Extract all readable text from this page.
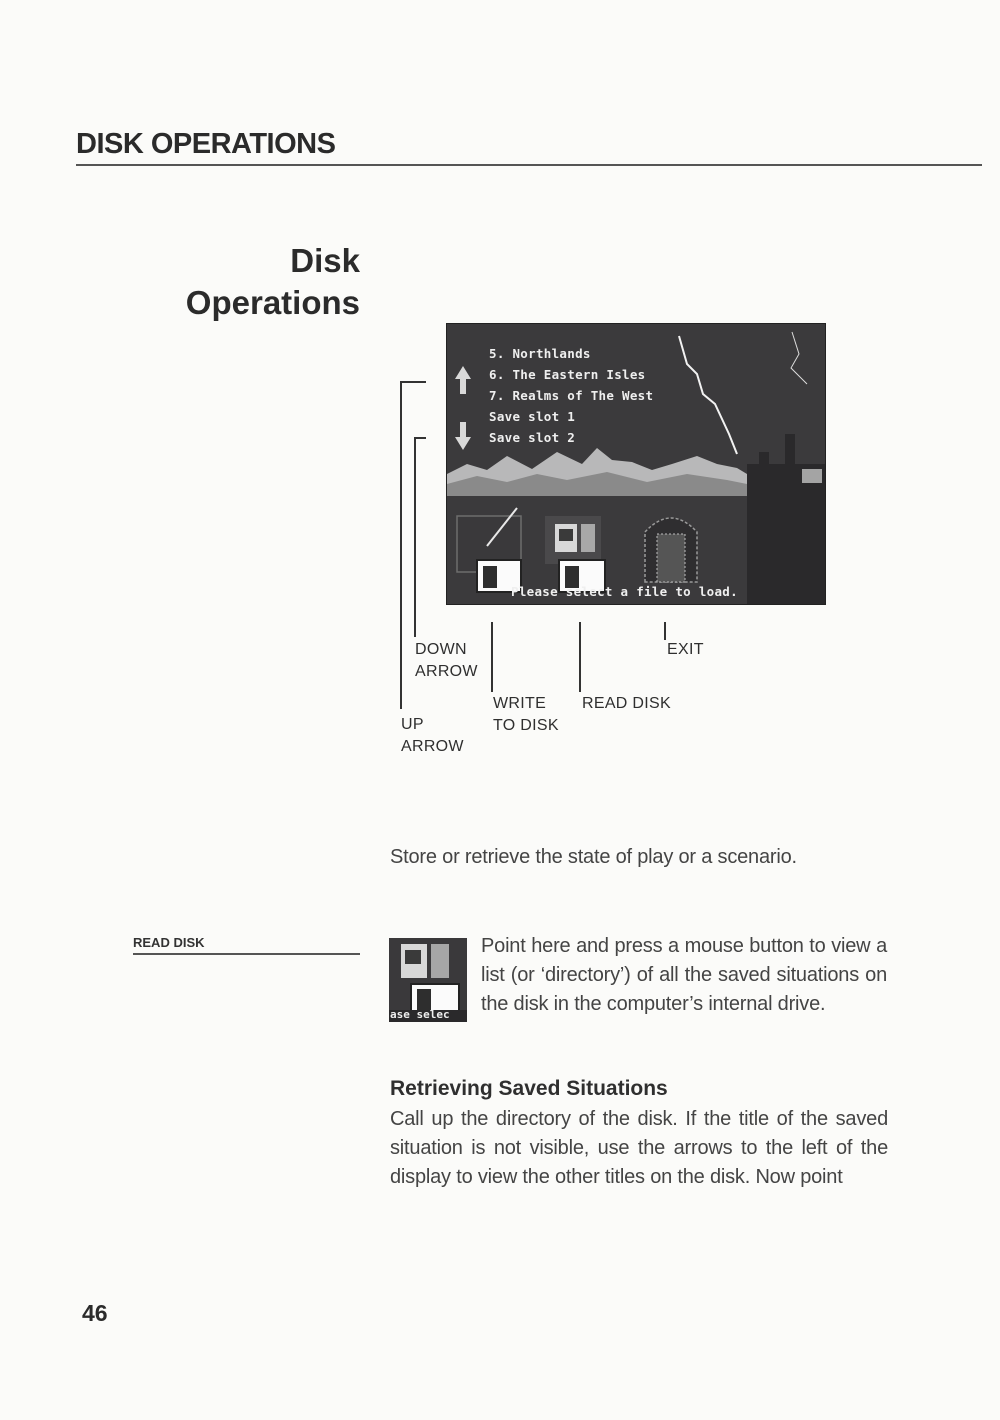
DISK OPERATIONS
Disk
Operations
5. Northlands
6. The Eastern Isles
7. Realms of The West
Save slot 1
Save slot 2
Please select a file to load.
DOWN
ARROW
EXIT
WRITE
TO DISK
READ DISK
UP
ARROW
Store or retrieve the state of play or a scenario.
READ DISK
ase selec
Point here and press a mouse button to view a list (or ‘directory’) of all the saved situations on the disk in the computer’s internal drive.
Retrieving Saved Situations
Call up the directory of the disk. If the title of the saved situation is not visible, use the arrows to the left of the display to view the other titles on the disk. Now point
46
